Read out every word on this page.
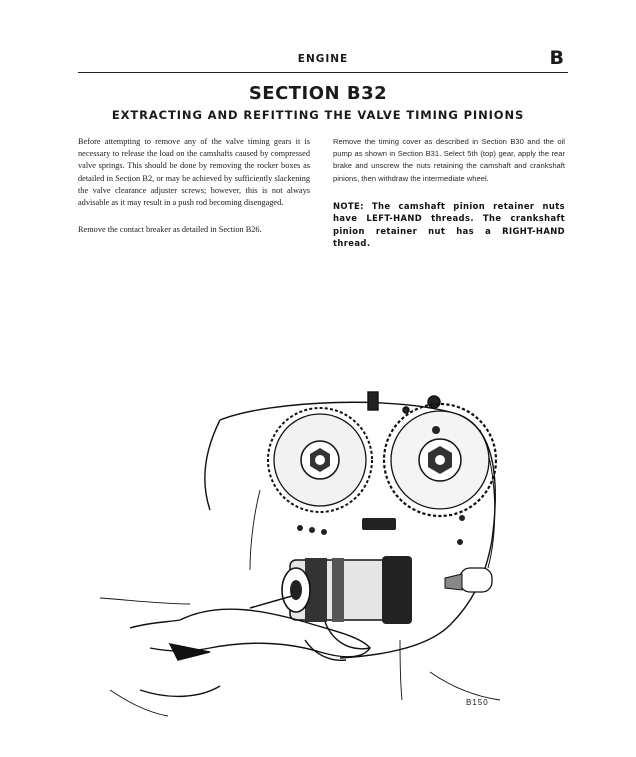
ENGINE	B
SECTION B32
EXTRACTING AND REFITTING THE VALVE TIMING PINIONS

Before attempting to remove any of the valve timing gears it is necessary to release the load on the camshafts caused by compressed valve springs. This should be done by removing the rocker boxes as detailed in Section B2, or may be achieved by sufficiently slackening the valve clearance adjuster screws; however, this is not always advisable as it may result in a push rod becoming disengaged.

Remove the contact breaker as detailed in Section B26.

Remove the timing cover as described in Section B30 and the oil pump as shown in Section B31. Select 5th (top) gear, apply the rear brake and unscrew the nuts retaining the camshaft and crankshaft pinions, then withdraw the intermediate wheel.

NOTE: The camshaft pinion retainer nuts have LEFT-HAND threads. The crankshaft pinion retainer nut has a RIGHT-HAND thread.
B150
